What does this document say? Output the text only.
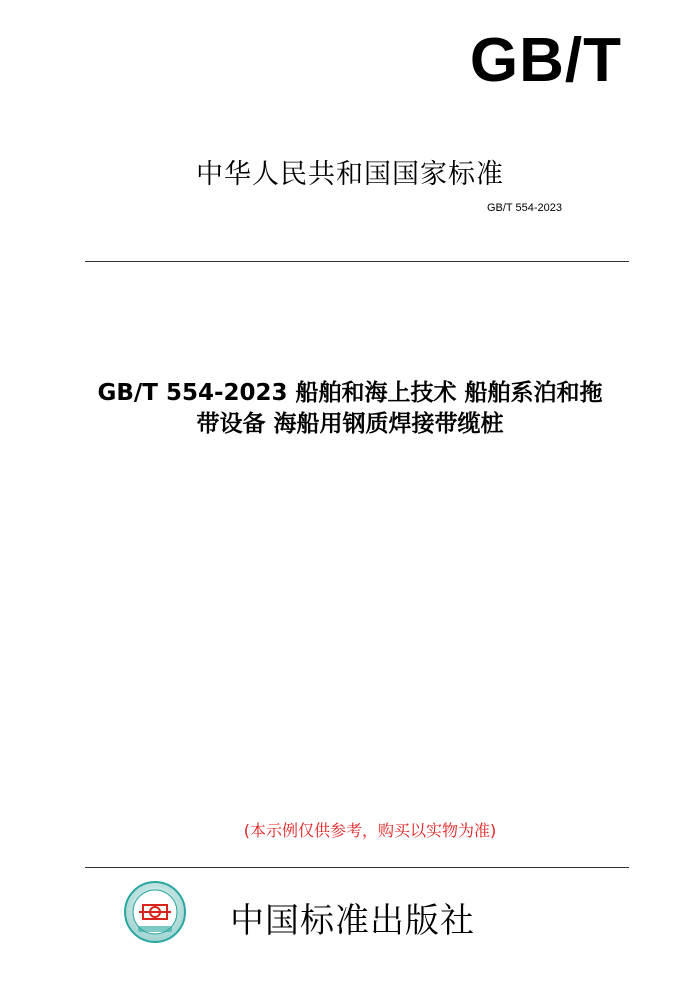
GB/T
中华人民共和国国家标准
GB/T 554-2023
GB/T 554-2023 船舶和海上技术 船舶系泊和拖
带设备 海船用钢质焊接带缆桩
(本示例仅供参考，购买以实物为准)
中国标准出版社
